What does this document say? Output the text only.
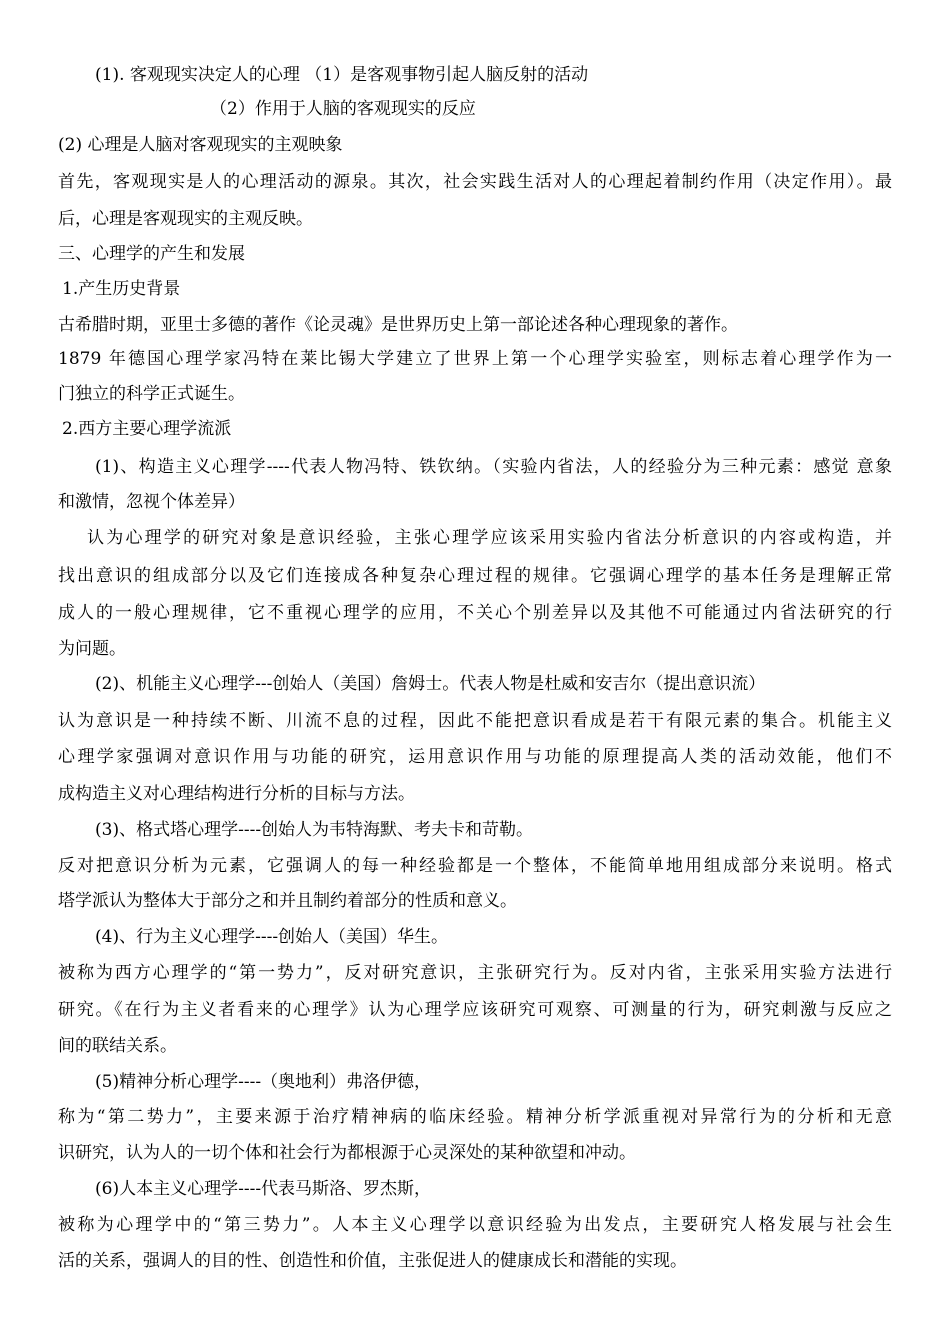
(1). 客观现实决定人的心理 （1）是客观事物引起人脑反射的活动
（2）作用于人脑的客观现实的反应
(2) 心理是人脑对客观现实的主观映象
首先，客观现实是人的心理活动的源泉。其次，社会实践生活对人的心理起着制约作用（决定作用）。最
后，心理是客观现实的主观反映。
三、心理学的产生和发展
1.产生历史背景
古希腊时期，亚里士多德的著作《论灵魂》是世界历史上第一部论述各种心理现象的著作。
1879 年德国心理学家冯特在莱比锡大学建立了世界上第一个心理学实验室，则标志着心理学作为一
门独立的科学正式诞生。
2.西方主要心理学流派
(1)、构造主义心理学----代表人物冯特、铁钦纳。（实验内省法，人的经验分为三种元素：感觉 意象
和激情，忽视个体差异）
认为心理学的研究对象是意识经验，主张心理学应该采用实验内省法分析意识的内容或构造，并
找出意识的组成部分以及它们连接成各种复杂心理过程的规律。它强调心理学的基本任务是理解正常
成人的一般心理规律，它不重视心理学的应用，不关心个别差异以及其他不可能通过内省法研究的行
为问题。
(2)、机能主义心理学---创始人（美国）詹姆士。代表人物是杜威和安吉尔（提出意识流）
认为意识是一种持续不断、川流不息的过程，因此不能把意识看成是若干有限元素的集合。机能主义
心理学家强调对意识作用与功能的研究，运用意识作用与功能的原理提高人类的活动效能，他们不
成构造主义对心理结构进行分析的目标与方法。
(3)、格式塔心理学----创始人为韦特海默、考夫卡和苛勒。
反对把意识分析为元素，它强调人的每一种经验都是一个整体，不能简单地用组成部分来说明。格式
塔学派认为整体大于部分之和并且制约着部分的性质和意义。
(4)、行为主义心理学----创始人（美国）华生。
被称为西方心理学的“第一势力”，反对研究意识，主张研究行为。反对内省，主张采用实验方法进行
研究。《在行为主义者看来的心理学》认为心理学应该研究可观察、可测量的行为，研究刺激与反应之
间的联结关系。
(5)精神分析心理学----（奥地利）弗洛伊德，
称为“第二势力”，主要来源于治疗精神病的临床经验。精神分析学派重视对异常行为的分析和无意
识研究，认为人的一切个体和社会行为都根源于心灵深处的某种欲望和冲动。
(6)人本主义心理学----代表马斯洛、罗杰斯，
被称为心理学中的“第三势力”。人本主义心理学以意识经验为出发点，主要研究人格发展与社会生
活的关系，强调人的目的性、创造性和价值，主张促进人的健康成长和潜能的实现。
